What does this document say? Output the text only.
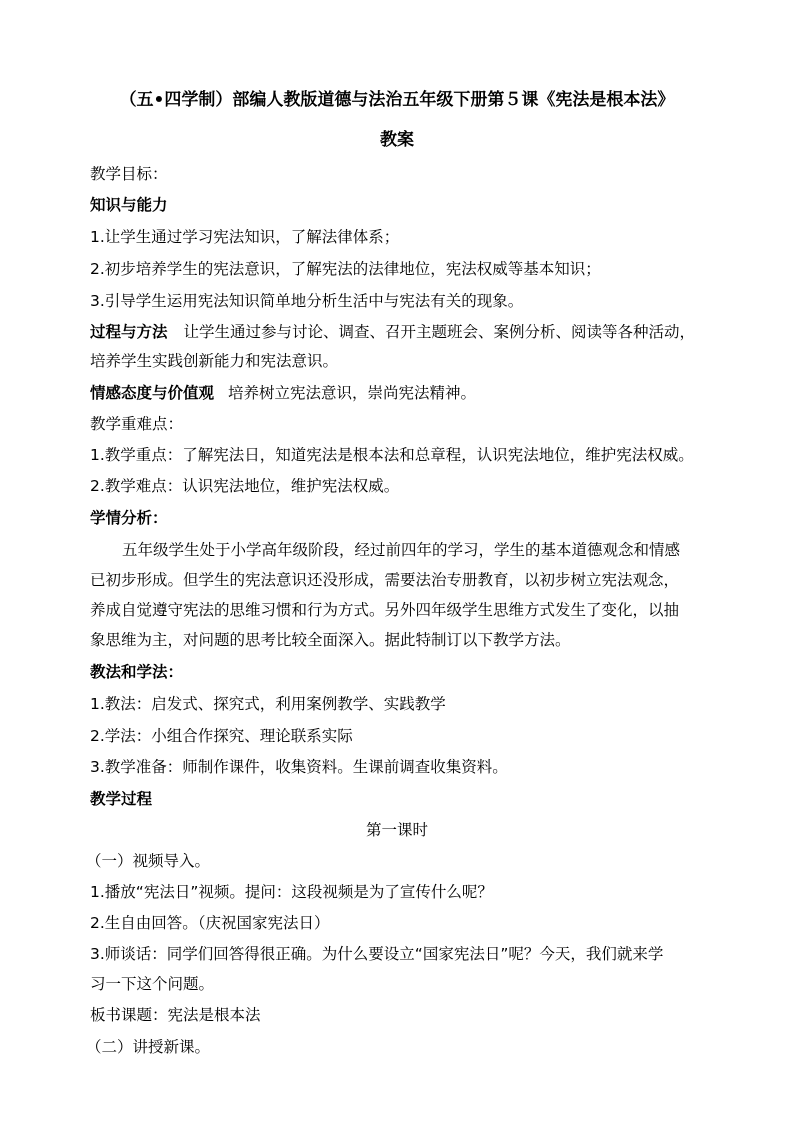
（五•四学制）部编人教版道德与法治五年级下册第５课《宪法是根本法》
教案
教学目标：
知识与能力
1.让学生通过学习宪法知识，了解法律体系；
2.初步培养学生的宪法意识，了解宪法的法律地位，宪法权威等基本知识；
3.引导学生运用宪法知识简单地分析生活中与宪法有关的现象。
过程与方法 让学生通过参与讨论、调查、召开主题班会、案例分析、阅读等各种活动，
培养学生实践创新能力和宪法意识。
情感态度与价值观 培养树立宪法意识，崇尚宪法精神。
教学重难点：
1.教学重点：了解宪法日，知道宪法是根本法和总章程，认识宪法地位，维护宪法权威。
2.教学难点：认识宪法地位，维护宪法权威。
学情分析：
五年级学生处于小学高年级阶段，经过前四年的学习，学生的基本道德观念和情感
已初步形成。但学生的宪法意识还没形成，需要法治专册教育，以初步树立宪法观念，
养成自觉遵守宪法的思维习惯和行为方式。另外四年级学生思维方式发生了变化，以抽
象思维为主，对问题的思考比较全面深入。据此特制订以下教学方法。
教法和学法：
1.教法：启发式、探究式，利用案例教学、实践教学
2.学法：小组合作探究、理论联系实际
3.教学准备：师制作课件，收集资料。生课前调查收集资料。
教学过程
第一课时
（一）视频导入。
1.播放“宪法日”视频。提问：这段视频是为了宣传什么呢？
2.生自由回答。（庆祝国家宪法日）
3.师谈话：同学们回答得很正确。为什么要设立“国家宪法日”呢？今天，我们就来学
习一下这个问题。
板书课题：宪法是根本法
（二）讲授新课。
